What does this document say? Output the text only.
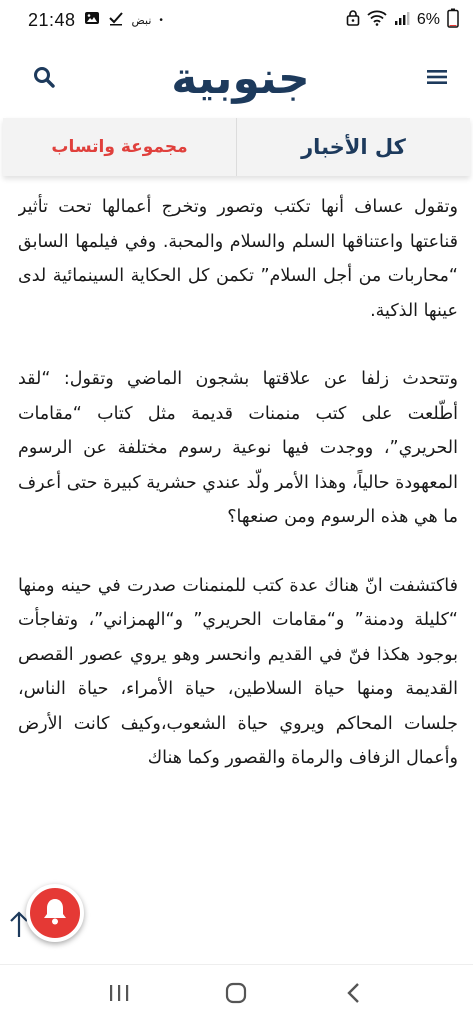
21:48	نبض •	6%
جنوبية
مجموعة واتساب	كل الأخبار

وتقول عساف أنها تكتب وتصور وتخرج أعمالها تحت تأثير قناعتها واعتناقها السلم والسلام والمحبة. وفي فيلمها السابق “محاربات من أجل السلام” تكمن كل الحكاية السينمائية لدى عينها الذكية.

وتتحدث زلفا عن علاقتها بشجون الماضي وتقول: “لقد أطّلعت على كتب منمنات قديمة مثل كتاب “مقامات الحريري”، ووجدت فيها نوعية رسوم مختلفة عن الرسوم المعهودة حالياً، وهذا الأمر ولّد عندي حشرية كبيرة حتى أعرف ما هي هذه الرسوم ومن صنعها؟

فاكتشفت انّ هناك عدة كتب للمنمنات صدرت في حينه ومنها “كليلة ودمنة” و“مقامات الحريري” و“الهمزاني”، وتفاجأت بوجود هكذا فنّ في القديم وانحسر وهو يروي عصور القصص القديمة ومنها حياة السلاطين، حياة الأمراء، حياة الناس، جلسات المحاكم ويروي حياة الشعوب،وكيف كانت الأرض وأعمال الزفاف والرماة والقصور وكما هناك
